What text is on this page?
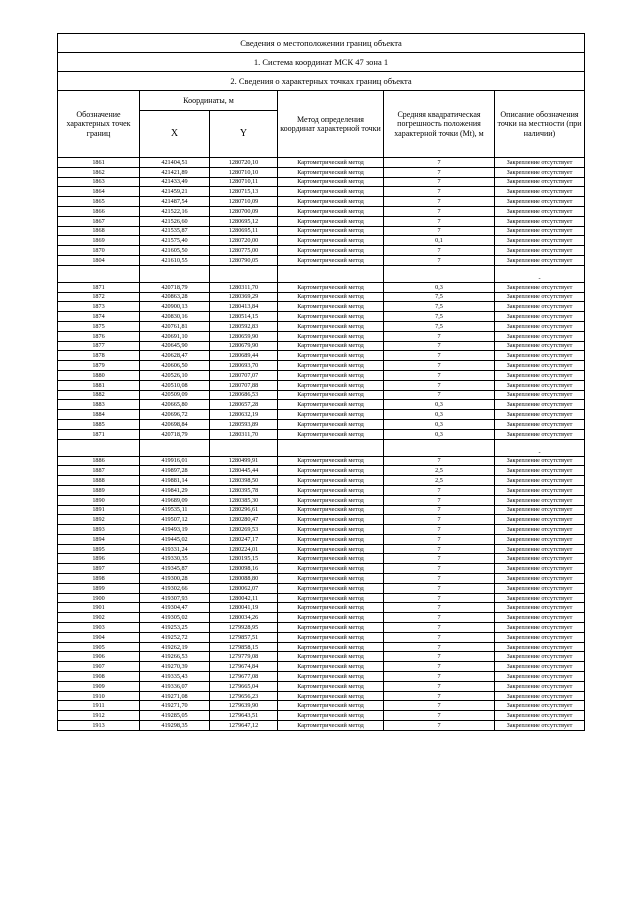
Сведения о местоположении границ объекта					
1. Система координат МСК 47 зона 1					
2. Сведения о характерных точках границ объекта					
Обозначение характерных точек границ	Координаты, м		Метод определения координат характерной точки	Средняя квадратическая погрешность положения характерной точки (Mt), м	Описание обозначения точки на местности (при наличии)
	X	Y			
1861	421404,51	1280720,10	Картометрический метод	7	Закрепление отсутствует
1862	421421,89	1280710,10	Картометрический метод	7	Закрепление отсутствует
1863	421433,49	1280710,11	Картометрический метод	7	Закрепление отсутствует
1864	421459,21	1280715,13	Картометрический метод	7	Закрепление отсутствует
1865	421487,54	1280710,09	Картометрический метод	7	Закрепление отсутствует
1866	421522,16	1280700,09	Картометрический метод	7	Закрепление отсутствует
1867	421526,60	1280695,12	Картометрический метод	7	Закрепление отсутствует
1868	421535,87	1280695,11	Картометрический метод	7	Закрепление отсутствует
1869	421575,40	1280720,00	Картометрический метод	0,1	Закрепление отсутствует
1870	421605,50	1280775,00	Картометрический метод	7	Закрепление отсутствует
1804	421610,55	1280790,05	Картометрический метод	7	Закрепление отсутствует
					-
1871	420718,79	1280311,70	Картометрический метод	0,3	Закрепление отсутствует
1872	420863,28	1280369,29	Картометрический метод	7,5	Закрепление отсутствует
1873	420900,13	1280413,84	Картометрический метод	7,5	Закрепление отсутствует
1874	420830,16	1280514,15	Картометрический метод	7,5	Закрепление отсутствует
1875	420761,81	1280592,83	Картометрический метод	7,5	Закрепление отсутствует
1876	420691,10	1280659,90	Картометрический метод	7	Закрепление отсутствует
1877	420645,90	1280679,90	Картометрический метод	7	Закрепление отсутствует
1878	420628,47	1280689,44	Картометрический метод	7	Закрепление отсутствует
1879	420606,50	1280693,70	Картометрический метод	7	Закрепление отсутствует
1880	420526,10	1280707,07	Картометрический метод	7	Закрепление отсутствует
1881	420510,08	1280707,88	Картометрический метод	7	Закрепление отсутствует
1882	420509,09	1280686,53	Картометрический метод	7	Закрепление отсутствует
1883	420665,80	1280657,28	Картометрический метод	0,3	Закрепление отсутствует
1884	420696,72	1280632,19	Картометрический метод	0,3	Закрепление отсутствует
1885	420698,84	1280593,89	Картометрический метод	0,3	Закрепление отсутствует
1871	420718,79	1280311,70	Картометрический метод	0,3	Закрепление отсутствует
					-
1886	419916,01	1280499,91	Картометрический метод	7	Закрепление отсутствует
1887	419897,28	1280445,44	Картометрический метод	2,5	Закрепление отсутствует
1888	419881,14	1280398,50	Картометрический метод	2,5	Закрепление отсутствует
1889	419841,29	1280395,78	Картометрический метод	7	Закрепление отсутствует
1890	419689,09	1280385,30	Картометрический метод	7	Закрепление отсутствует
1891	419535,11	1280296,61	Картометрический метод	7	Закрепление отсутствует
1892	419507,12	1280280,47	Картометрический метод	7	Закрепление отсутствует
1893	419493,19	1280269,53	Картометрический метод	7	Закрепление отсутствует
1894	419445,02	1280247,17	Картометрический метод	7	Закрепление отсутствует
1895	419331,24	1280224,01	Картометрический метод	7	Закрепление отсутствует
1896	419330,35	1280195,15	Картометрический метод	7	Закрепление отсутствует
1897	419345,87	1280098,16	Картометрический метод	7	Закрепление отсутствует
1898	419300,28	1280088,80	Картометрический метод	7	Закрепление отсутствует
1899	419302,66	1280062,07	Картометрический метод	7	Закрепление отсутствует
1900	419307,93	1280042,11	Картометрический метод	7	Закрепление отсутствует
1901	419304,47	1280041,19	Картометрический метод	7	Закрепление отсутствует
1902	419305,02	1280034,26	Картометрический метод	7	Закрепление отсутствует
1903	419253,25	1279928,95	Картометрический метод	7	Закрепление отсутствует
1904	419252,72	1279857,51	Картометрический метод	7	Закрепление отсутствует
1905	419262,19	1279858,15	Картометрический метод	7	Закрепление отсутствует
1906	419266,53	1279779,08	Картометрический метод	7	Закрепление отсутствует
1907	419270,39	1279674,84	Картометрический метод	7	Закрепление отсутствует
1908	419335,43	1279677,08	Картометрический метод	7	Закрепление отсутствует
1909	419336,07	1279665,04	Картометрический метод	7	Закрепление отсутствует
1910	419271,08	1279656,23	Картометрический метод	7	Закрепление отсутствует
1911	419271,70	1279639,90	Картометрический метод	7	Закрепление отсутствует
1912	419285,05	1279643,51	Картометрический метод	7	Закрепление отсутствует
1913	419298,35	1279647,12	Картометрический метод	7	Закрепление отсутствует
